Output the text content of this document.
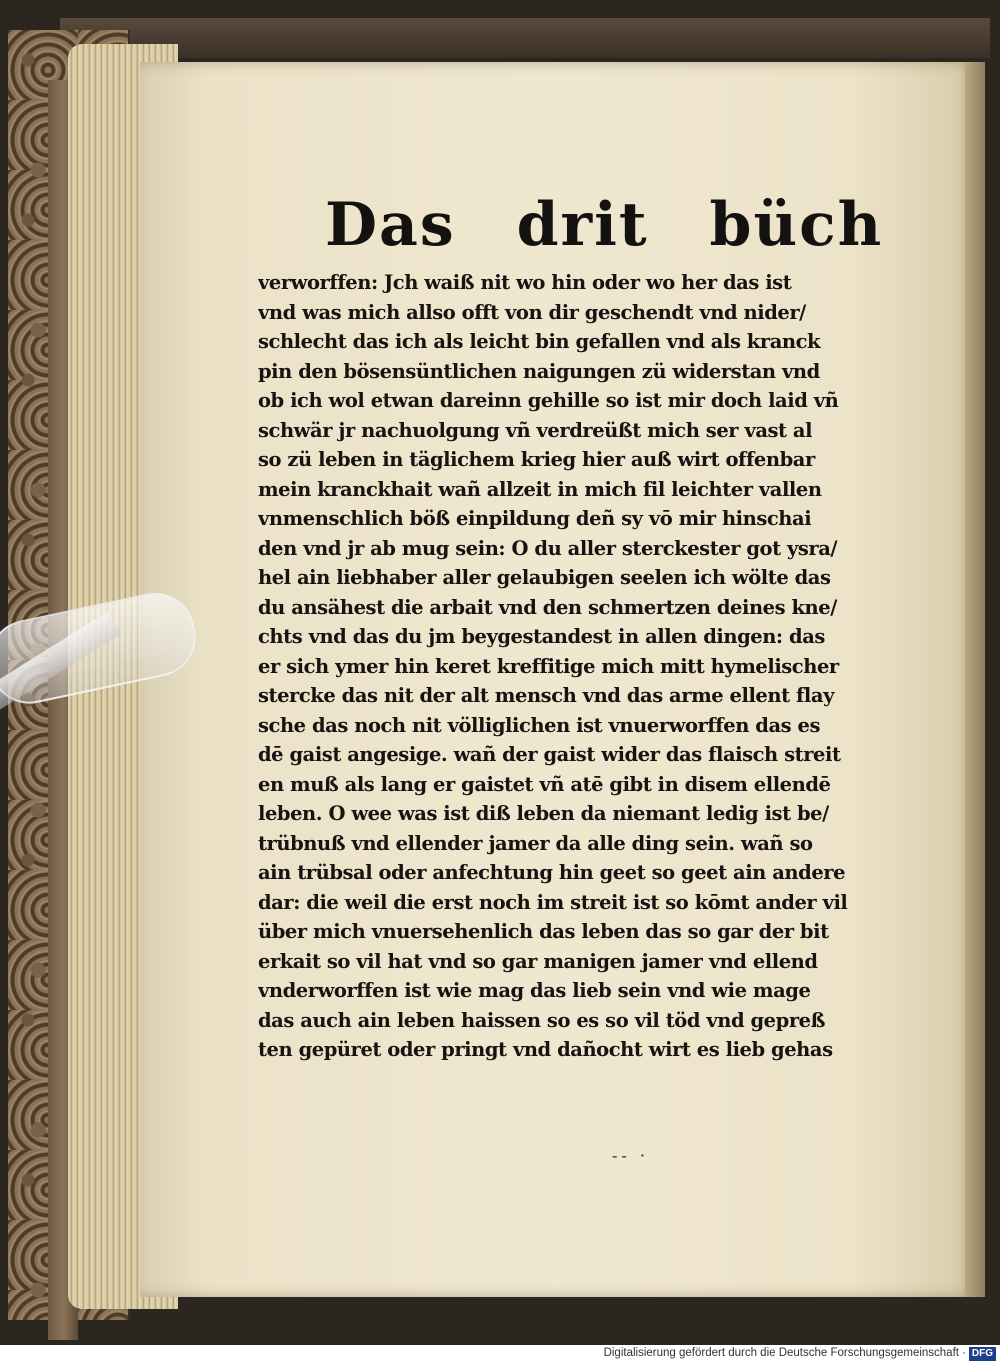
Das drit büch
verworffen: Jch waiß nit wo hin oder wo her das ist
vnd was mich allso offt von dir geschendt vnd nider/
schlecht das ich als leicht bin gefallen vnd als kranck
pin den bösensüntlichen naigungen zü widerstan vnd
ob ich wol etwan dareinn gehille so ist mir doch laid vñ
schwär jr nachuolgung vñ verdreüßt mich ser vast al
so zü leben in täglichem krieg hier auß wirt offenbar
mein kranckhait wañ allzeit in mich fil leichter vallen
vnmenschlich böß einpildung deñ sy vō mir hinschai
den vnd jr ab mug sein: O du aller sterckester got ysra/
hel ain liebhaber aller gelaubigen seelen ich wölte das
du ansähest die arbait vnd den schmertzen deines kne/
chts vnd das du jm beygestandest in allen dingen: das
er sich ymer hin keret kreffitige mich mitt hymelischer
stercke das nit der alt mensch vnd das arme ellent flay
sche das noch nit völliglichen ist vnuerworffen das es
dē gaist angesige. wañ der gaist wider das flaisch streit
en muß als lang er gaistet vñ atē gibt in disem ellendē
leben. O wee was ist diß leben da niemant ledig ist be/
trübnuß vnd ellender jamer da alle ding sein. wañ so
ain trübsal oder anfechtung hin geet so geet ain andere
dar: die weil die erst noch im streit ist so kōmt ander vil
über mich vnuersehenlich das leben das so gar der bit
erkait so vil hat vnd so gar manigen jamer vnd ellend
vnderworffen ist wie mag das lieb sein vnd wie mage
das auch ain leben haissen so es so vil töd vnd gepreß
ten gepüret oder pringt vnd dañocht wirt es lieb gehas
-- ·
Digitalisierung gefördert durch die Deutsche Forschungsgemeinschaft · DFG
